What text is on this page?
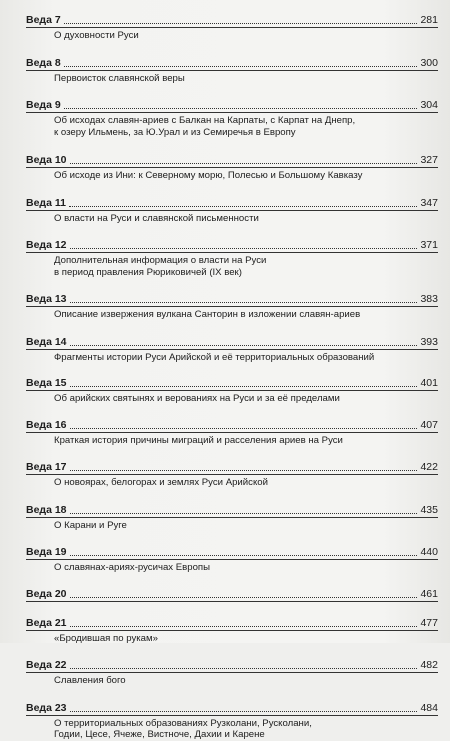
Веда 7	281
О духовности Руси
Веда 8	300
Первоисток славянской веры
Веда 9	304
Об исходах славян-ариев с Балкан на Карпаты, с Карпат на Днепр,
к озеру Ильмень, за Ю.Урал и из Семиречья в Европу
Веда 10	327
Об исходе из Ини: к Северному морю, Полесью и Большому Кавказу
Веда 11	347
О власти на Руси и славянской письменности
Веда 12	371
Дополнительная информация о власти на Руси
в период правления Рюриковичей (IX век)
Веда 13	383
Описание извержения вулкана Санторин в изложении славян-ариев
Веда 14	393
Фрагменты истории Руси Арийской и её территориальных образований
Веда 15	401
Об арийских святынях и верованиях на Руси и за её пределами
Веда 16	407
Краткая история причины миграций и расселения ариев на Руси
Веда 17	422
О новоярах, белогорах и землях Руси Арийской
Веда 18	435
О Карани и Руге
Веда 19	440
О славянах-ариях-русичах Европы
Веда 20	461
Веда 21	477
«Бродившая по рукам»
Веда 22	482
Славления бого
Веда 23	484
О территориальных образованиях Рузколани, Русколани,
Годии, Цесе, Ячеже, Вистноче, Дахии и Карене
